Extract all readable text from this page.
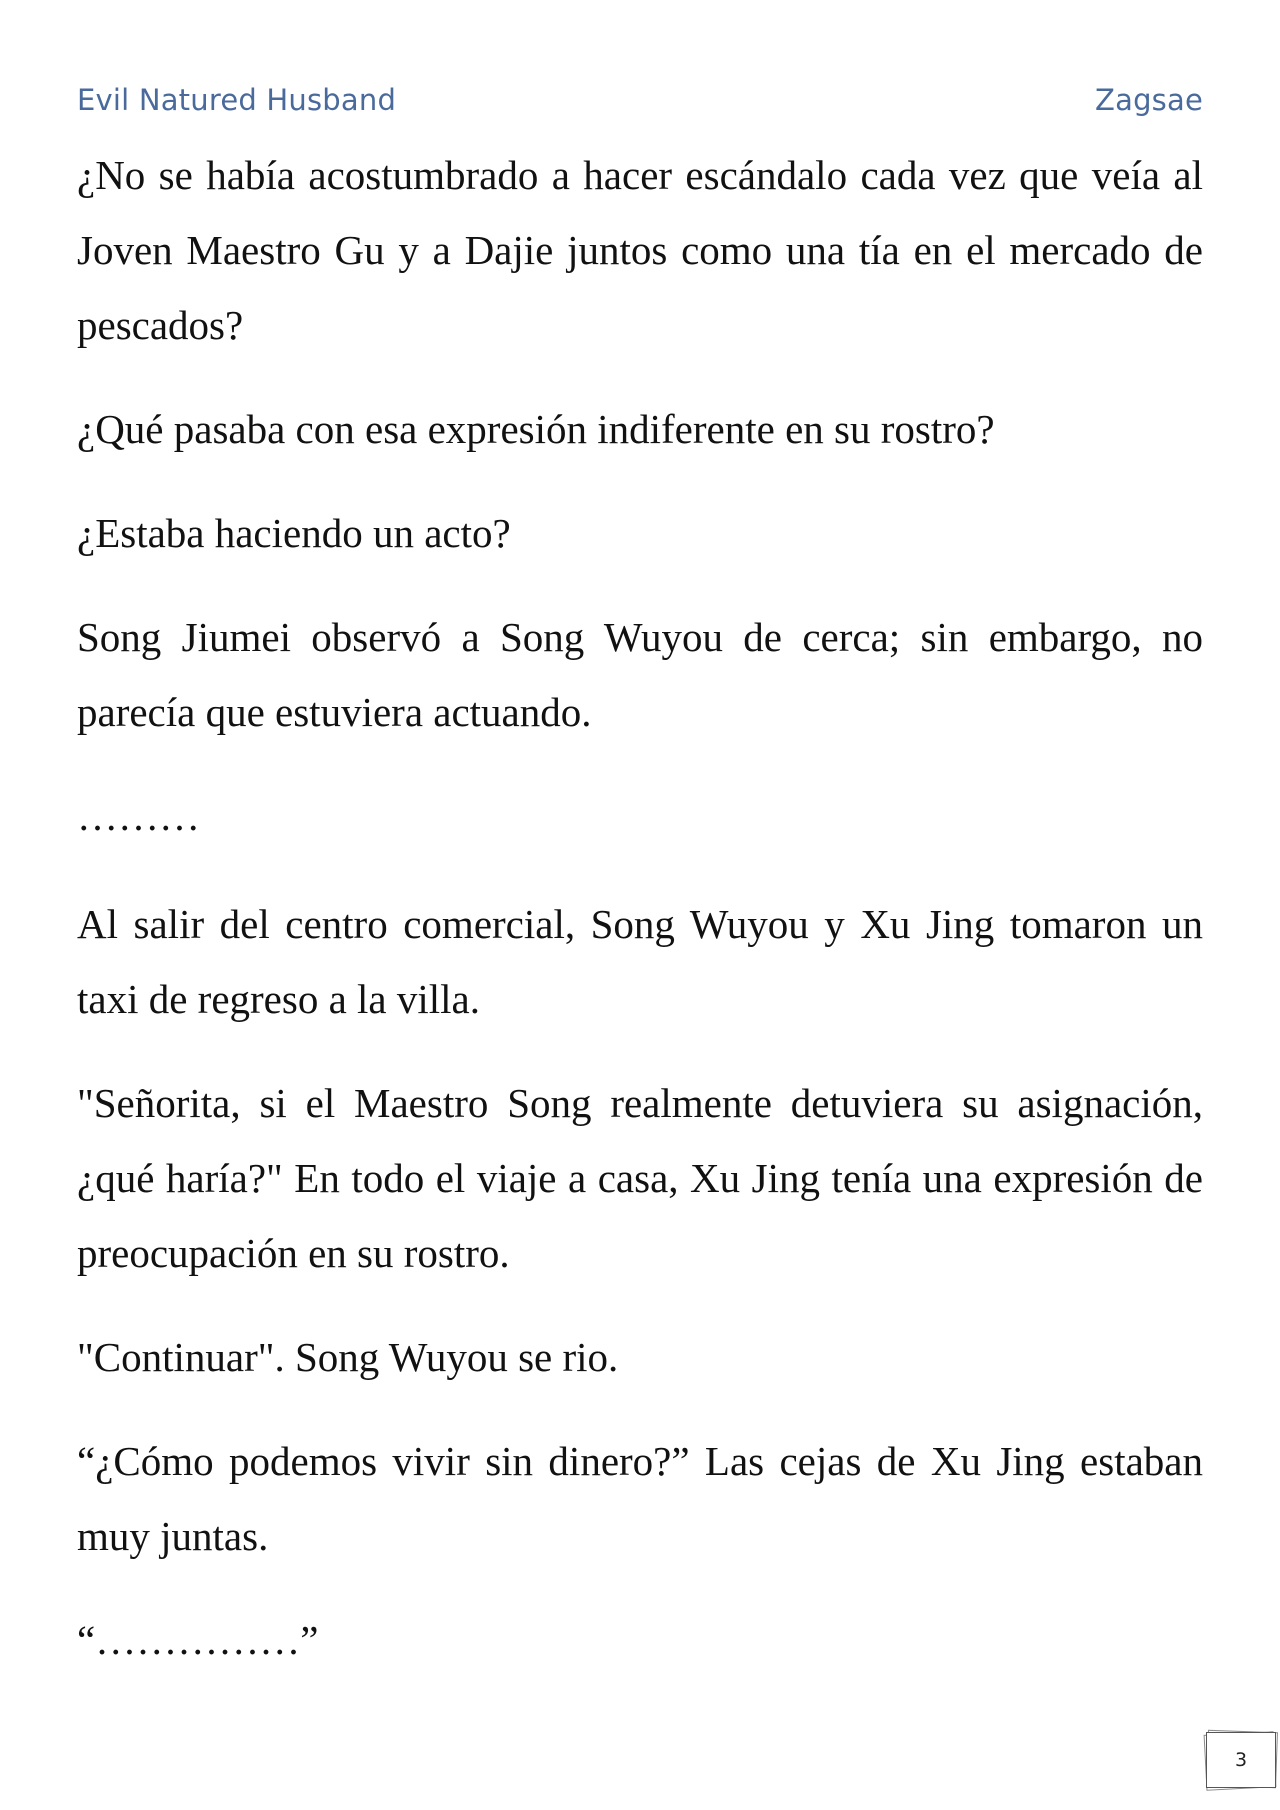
Evil Natured Husband	Zagsae

¿No se había acostumbrado a hacer escándalo cada vez que veía al Joven Maestro Gu y a Dajie juntos como una tía en el mercado de pescados?

¿Qué pasaba con esa expresión indiferente en su rostro?

¿Estaba haciendo un acto?

Song Jiumei observó a Song Wuyou de cerca; sin embargo, no parecía que estuviera actuando.

………

Al salir del centro comercial, Song Wuyou y Xu Jing tomaron un taxi de regreso a la villa.

"Señorita, si el Maestro Song realmente detuviera su asignación, ¿qué haría?" En todo el viaje a casa, Xu Jing tenía una expresión de preocupación en su rostro.

"Continuar". Song Wuyou se rio.

“¿Cómo podemos vivir sin dinero?” Las cejas de Xu Jing estaban muy juntas.

“……………”

3
